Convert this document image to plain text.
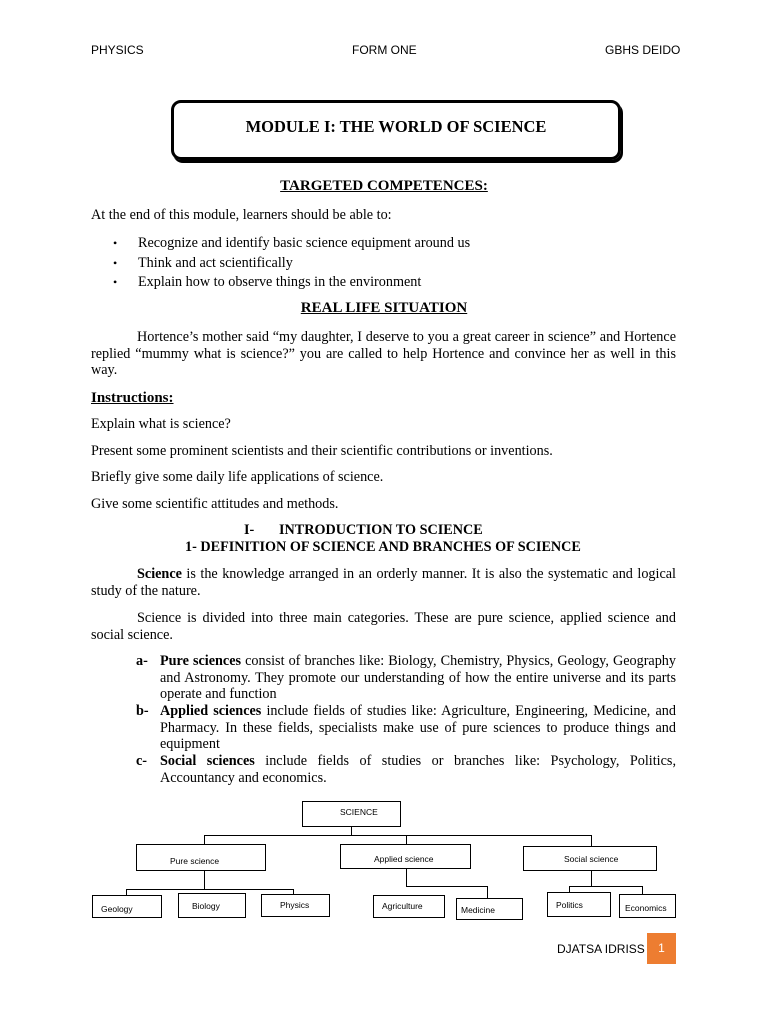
PHYSICS	FORM ONE	GBHS DEIDO
MODULE I: THE WORLD OF SCIENCE
TARGETED COMPETENCES:
At the end of this module, learners should be able to:
• Recognize and identify basic science equipment around us
• Think and act scientifically
• Explain how to observe things in the environment
REAL LIFE SITUATION
Hortence’s mother said “my daughter, I deserve to you a great career in science” and Hortence replied “mummy what is science?” you are called to help Hortence and convince her as well in this way.
Instructions:
Explain what is science?
Present some prominent scientists and their scientific contributions or inventions.
Briefly give some daily life applications of science.
Give some scientific attitudes and methods.
I- INTRODUCTION TO SCIENCE
1- DEFINITION OF SCIENCE AND BRANCHES OF SCIENCE
Science is the knowledge arranged in an orderly manner. It is also the systematic and logical study of the nature.
Science is divided into three main categories. These are pure science, applied science and social science.
a- Pure sciences consist of branches like: Biology, Chemistry, Physics, Geology, Geography and Astronomy. They promote our understanding of how the entire universe and its parts operate and function
b- Applied sciences include fields of studies like: Agriculture, Engineering, Medicine, and Pharmacy. In these fields, specialists make use of pure sciences to produce things and equipment
c- Social sciences include fields of studies or branches like: Psychology, Politics, Accountancy and economics.
SCIENCE
Pure science	Applied science	Social science
Geology	Biology	Physics	Agriculture	Medicine	Politics	Economics
DJATSA IDRISS	1
